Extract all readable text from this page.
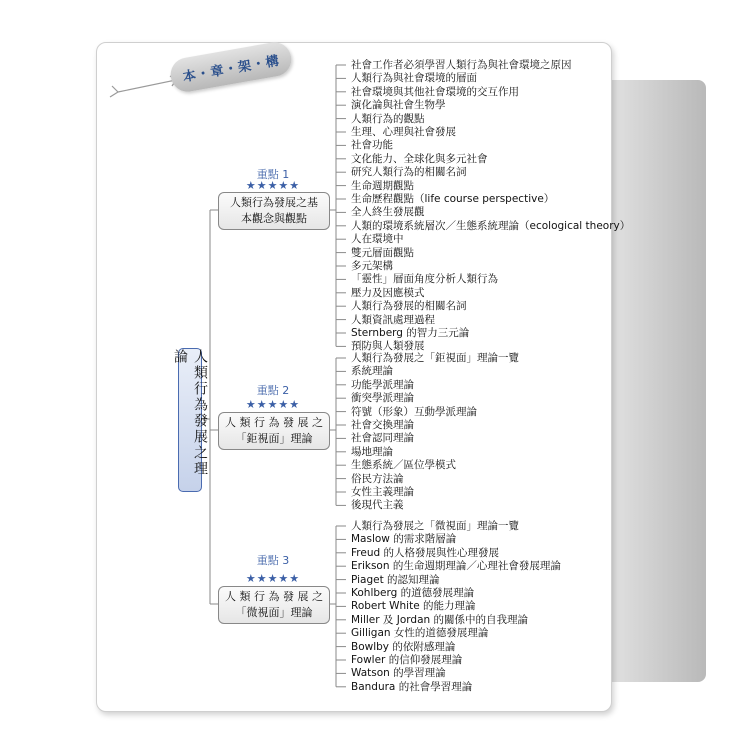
本・章・架・構
人類行為發展之理論
重點 1
★★★★★
人類行為發展之基
本觀念與觀點
社會工作者必須學習人類行為與社會環境之原因
人類行為與社會環境的層面
社會環境與其他社會環境的交互作用
演化論與社會生物學
人類行為的觀點
生理、心理與社會發展
社會功能
文化能力、全球化與多元社會
研究人類行為的相關名詞
生命週期觀點
生命歷程觀點（life course perspective）
全人終生發展觀
人類的環境系統層次／生態系統理論（ecological theory）
人在環境中
雙元層面觀點
多元架構
「靈性」層面角度分析人類行為
壓力及因應模式
人類行為發展的相關名詞
人類資訊處理過程
Sternberg 的智力三元論
預防與人類發展
重點 2
★★★★★
人 類 行 為 發 展 之
「鉅視面」理論
人類行為發展之「鉅視面」理論一覽
系統理論
功能學派理論
衝突學派理論
符號（形象）互動學派理論
社會交換理論
社會認同理論
場地理論
生態系統／區位學模式
俗民方法論
女性主義理論
後現代主義
重點 3
★★★★★
人 類 行 為 發 展 之
「微視面」理論
人類行為發展之「微視面」理論一覽
Maslow 的需求階層論
Freud 的人格發展與性心理發展
Erikson 的生命週期理論／心理社會發展理論
Piaget 的認知理論
Kohlberg 的道德發展理論
Robert White 的能力理論
Miller 及 Jordan 的關係中的自我理論
Gilligan 女性的道德發展理論
Bowlby 的依附感理論
Fowler 的信仰發展理論
Watson 的學習理論
Bandura 的社會學習理論
